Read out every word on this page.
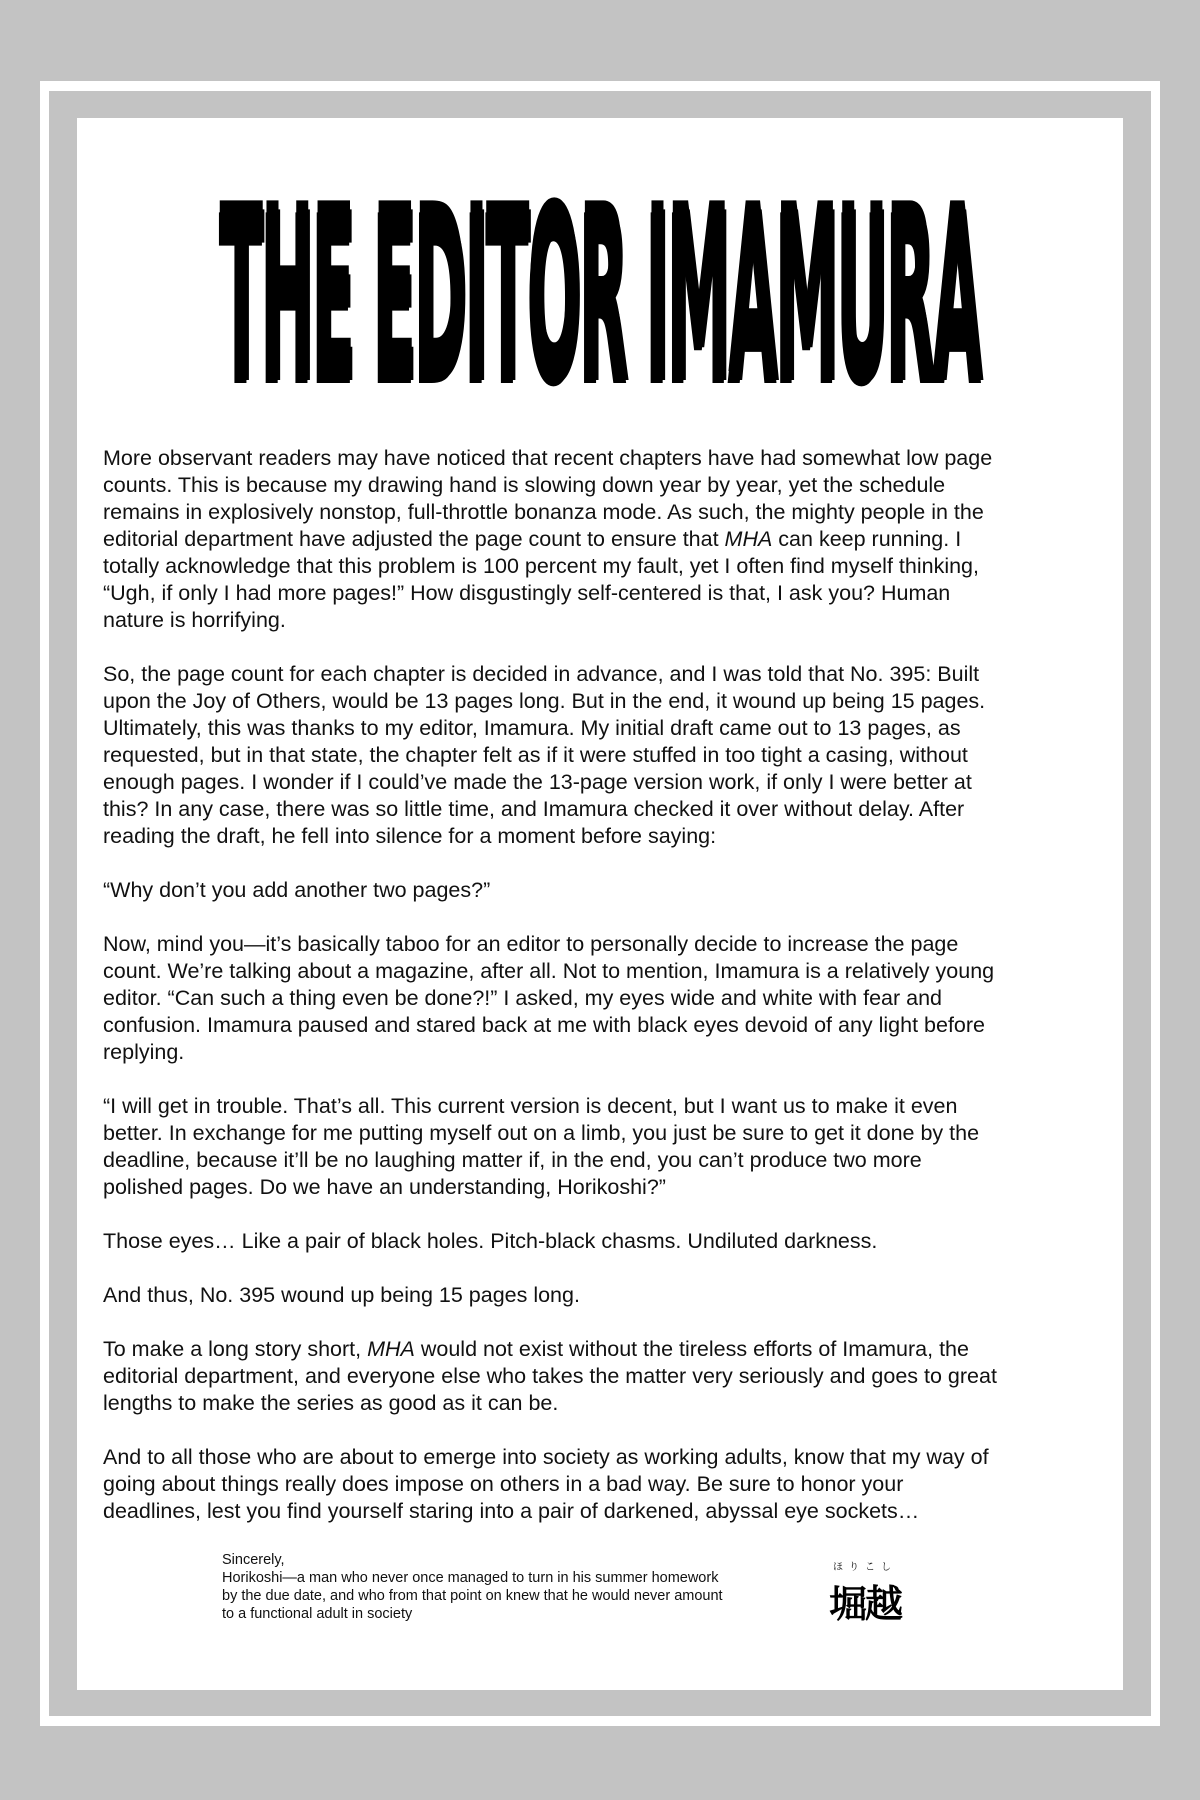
THE EDITOR IMAMURA
More observant readers may have noticed that recent chapters have had somewhat low page
counts. This is because my drawing hand is slowing down year by year, yet the schedule
remains in explosively nonstop, full-throttle bonanza mode. As such, the mighty people in the
editorial department have adjusted the page count to ensure that MHA can keep running. I
totally acknowledge that this problem is 100 percent my fault, yet I often find myself thinking,
“Ugh, if only I had more pages!” How disgustingly self-centered is that, I ask you? Human
nature is horrifying.
So, the page count for each chapter is decided in advance, and I was told that No. 395: Built
upon the Joy of Others, would be 13 pages long. But in the end, it wound up being 15 pages.
Ultimately, this was thanks to my editor, Imamura. My initial draft came out to 13 pages, as
requested, but in that state, the chapter felt as if it were stuffed in too tight a casing, without
enough pages. I wonder if I could’ve made the 13-page version work, if only I were better at
this? In any case, there was so little time, and Imamura checked it over without delay. After
reading the draft, he fell into silence for a moment before saying:
“Why don’t you add another two pages?”
Now, mind you—it’s basically taboo for an editor to personally decide to increase the page
count. We’re talking about a magazine, after all. Not to mention, Imamura is a relatively young
editor. “Can such a thing even be done?!” I asked, my eyes wide and white with fear and
confusion. Imamura paused and stared back at me with black eyes devoid of any light before
replying.
“I will get in trouble. That’s all. This current version is decent, but I want us to make it even
better. In exchange for me putting myself out on a limb, you just be sure to get it done by the
deadline, because it’ll be no laughing matter if, in the end, you can’t produce two more
polished pages. Do we have an understanding, Horikoshi?”
Those eyes… Like a pair of black holes. Pitch-black chasms. Undiluted darkness.
And thus, No. 395 wound up being 15 pages long.
To make a long story short, MHA would not exist without the tireless efforts of Imamura, the
editorial department, and everyone else who takes the matter very seriously and goes to great
lengths to make the series as good as it can be.
And to all those who are about to emerge into society as working adults, know that my way of
going about things really does impose on others in a bad way. Be sure to honor your
deadlines, lest you find yourself staring into a pair of darkened, abyssal eye sockets…
Sincerely,
Horikoshi—a man who never once managed to turn in his summer homework
by the due date, and who from that point on knew that he would never amount
to a functional adult in society
ほりこし
堀越
